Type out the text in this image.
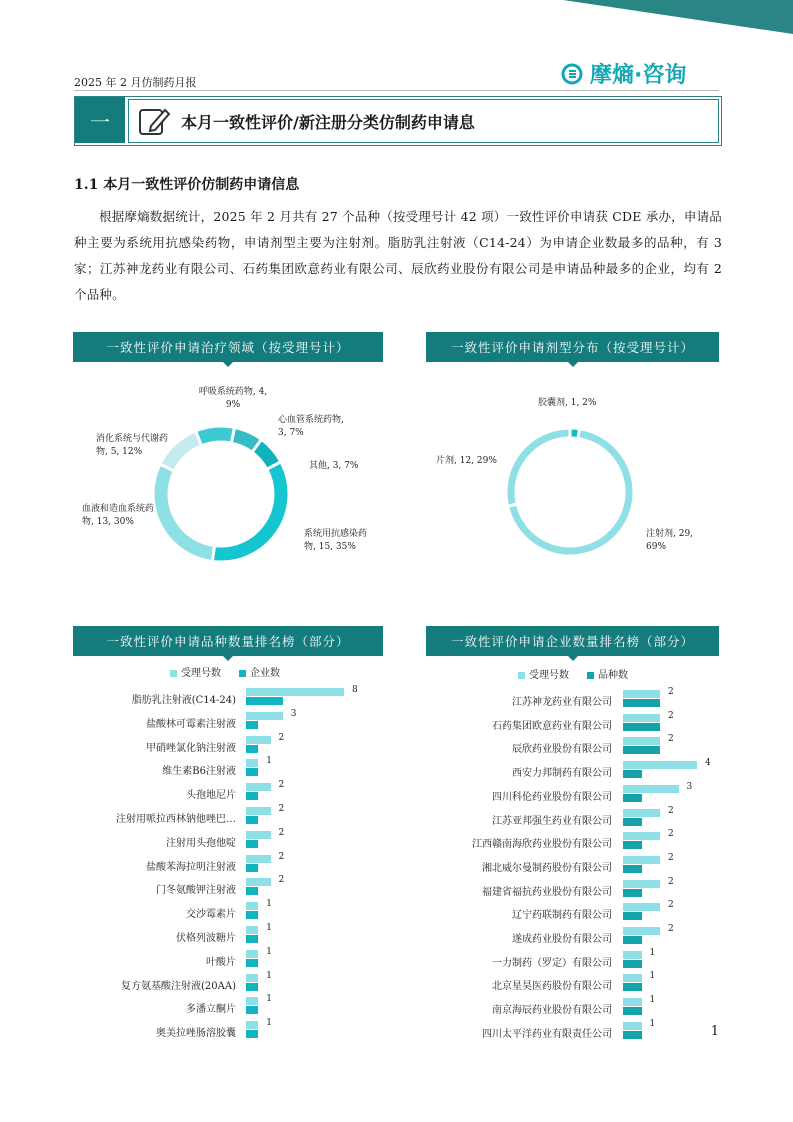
2025 年 2 月仿制药月报	摩熵·咨询
一	本月一致性评价/新注册分类仿制药申请息
1.1 本月一致性评价仿制药申请信息
根据摩熵数据统计，2025 年 2 月共有 27 个品种（按受理号计 42 项）一致性评价申请获 CDE 承办，申请品种主要为系统用抗感染药物，申请剂型主要为注射剂。脂肪乳注射液（C14-24）为申请企业数最多的品种，有 3 家；江苏神龙药业有限公司、石药集团欧意药业有限公司、辰欣药业股份有限公司是申请品种最多的企业，均有 2 个品种。
一致性评价申请治疗领域（按受理号计）
呼吸系统药物, 4, 9%
心血管系统药物, 3, 7%
其他, 3, 7%
系统用抗感染药物, 15, 35%
血液和造血系统药物, 13, 30%
消化系统与代谢药物, 5, 12%
一致性评价申请剂型分布（按受理号计）
胶囊剂, 1, 2%
注射剂, 29, 69%
片剂, 12, 29%
一致性评价申请品种数量排名榜（部分）
受理号数	企业数
脂肪乳注射液(C14-24)
8
盐酸林可霉素注射液
3
甲硝唑氯化钠注射液
2
维生素B6注射液
1
头孢地尼片
2
注射用哌拉西林钠他唑巴…
2
注射用头孢他啶
2
盐酸苯海拉明注射液
2
门冬氨酸钾注射液
2
交沙霉素片
1
伏格列波糖片
1
叶酸片
1
复方氨基酸注射液(20AA)
1
多潘立酮片
1
奥美拉唑肠溶胶囊
1
一致性评价申请企业数量排名榜（部分）
受理号数	品种数
江苏神龙药业有限公司
2
石药集团欧意药业有限公司
2
辰欣药业股份有限公司
2
西安力邦制药有限公司
4
四川科伦药业股份有限公司
3
江苏亚邦强生药业有限公司
2
江西赣南海欣药业股份有限公司
2
湘北威尔曼制药股份有限公司
2
福建省福抗药业股份有限公司
2
辽宁药联制药有限公司
2
遂成药业股份有限公司
2
一力制药（罗定）有限公司
1
北京星昊医药股份有限公司
1
南京海辰药业股份有限公司
1
四川太平洋药业有限责任公司
1
1
